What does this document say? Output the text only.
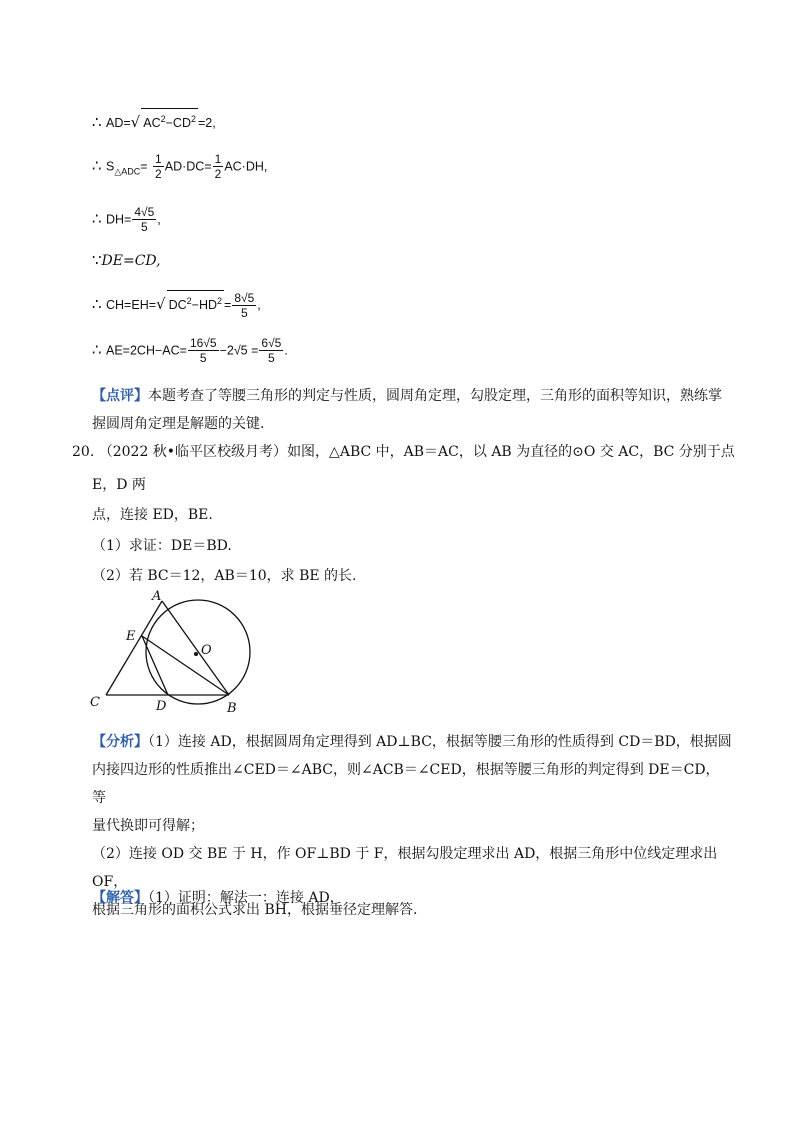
∴ AD=√ $AC^2-CD^2 =2$,
∴ $S_{\triangle ADC}= \frac{1}{2} AD\cdot DC= \frac{1}{2} AC\cdot DH$,
∴ $DH= \frac{4√5}{5}$ ,
∵DE=CD,
∴ CH=EH=√ $DC^2-HD^2 = \frac{8√5}{5}$ ,
∴ $AE=2CH-AC= \frac{16√5}{5} -2√5 = \frac{6√5}{5}$ .
【点评】本题考查了等腰三角形的判定与性质，圆周角定理，勾股定理，三角形的面积等知识，熟练掌
握圆周角定理是解题的关键.
20. （2022 秋•临平区校级月考）如图，△ABC 中，AB＝AC，以 AB 为直径的⊙O 交 AC，BC 分别于点
E，D 两
点，连接 ED，BE.
（1）求证：DE＝BD.
（2）若 BC＝12，AB＝10，求 BE 的长.
A
E
O
C	D	B
【分析】（1）连接 AD，根据圆周角定理得到 AD⊥BC，根据等腰三角形的性质得到 CD＝BD，根据圆
内接四边形的性质推出∠CED＝∠ABC，则∠ACB＝∠CED，根据等腰三角形的判定得到 DE＝CD，等
量代换即可得解；
（2）连接 OD 交 BE 于 H，作 OF⊥BD 于 F，根据勾股定理求出 AD，根据三角形中位线定理求出 OF，
根据三角形的面积公式求出 BH，根据垂径定理解答.
【解答】（1）证明：解法一：连接 AD，
